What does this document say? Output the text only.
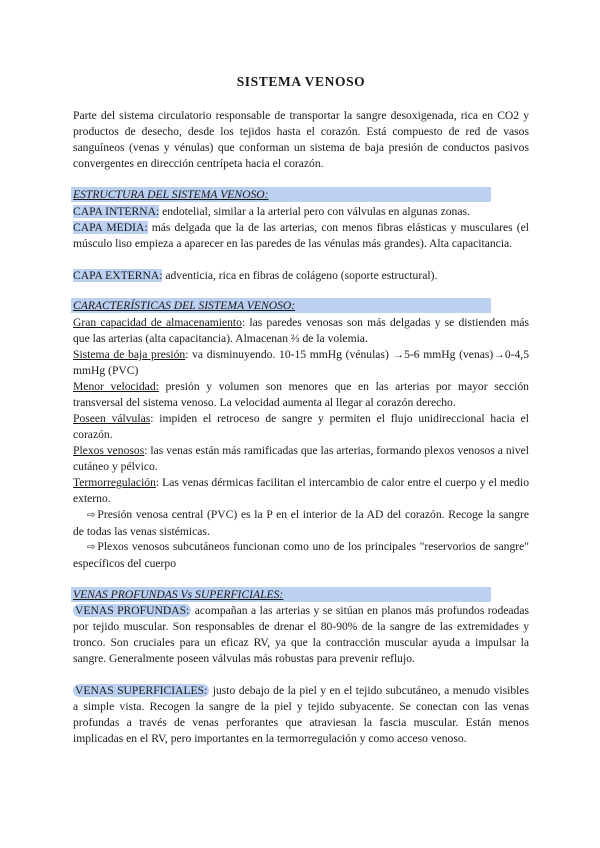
SISTEMA VENOSO

Parte del sistema circulatorio responsable de transportar la sangre desoxigenada, rica en CO2 y productos de desecho, desde los tejidos hasta el corazón. Está compuesto de red de vasos sanguíneos (venas y vénulas) que conforman un sistema de baja presión de conductos pasivos convergentes en dirección centrípeta hacia el corazón.

ESTRUCTURA DEL SISTEMA VENOSO:

CAPA INTERNA: endotelial, similar a la arterial pero con válvulas en algunas zonas.

CAPA MEDIA: más delgada que la de las arterias, con menos fibras elásticas y musculares (el músculo liso empieza a aparecer en las paredes de las vénulas más grandes). Alta capacitancia.

CAPA EXTERNA: adventicia, rica en fibras de colágeno (soporte estructural).

CARACTERÍSTICAS DEL SISTEMA VENOSO:

Gran capacidad de almacenamiento: las paredes venosas son más delgadas y se distienden más que las arterias (alta capacitancia). Almacenan ⅔ de la volemia.

Sistema de baja presión: va disminuyendo. 10-15 mmHg (vénulas) →5-6 mmHg (venas)→0-4,5 mmHg (PVC)

Menor velocidad: presión y volumen son menores que en las arterias por mayor sección transversal del sistema venoso. La velocidad aumenta al llegar al corazón derecho.

Poseen válvulas: impiden el retroceso de sangre y permiten el flujo unidireccional hacia el corazón.

Plexos venosos: las venas están más ramificadas que las arterias, formando plexos venosos a nivel cutáneo y pélvico.

Termorregulación: Las venas dérmicas facilitan el intercambio de calor entre el cuerpo y el medio externo.

⇨ Presión venosa central (PVC) es la P en el interior de la AD del corazón. Recoge la sangre de todas las venas sistémicas.

⇨ Plexos venosos subcutáneos funcionan como uno de los principales "reservorios de sangre" específicos del cuerpo

VENAS PROFUNDAS Vs SUPERFICIALES:

VENAS PROFUNDAS: acompañan a las arterias y se sitúan en planos más profundos rodeadas por tejido muscular. Son responsables de drenar el 80-90% de la sangre de las extremidades y tronco. Son cruciales para un eficaz RV, ya que la contracción muscular ayuda a impulsar la sangre. Generalmente poseen válvulas más robustas para prevenir reflujo.

VENAS SUPERFICIALES: justo debajo de la piel y en el tejido subcutáneo, a menudo visibles a simple vista. Recogen la sangre de la piel y tejido subyacente. Se conectan con las venas profundas a través de venas perforantes que atraviesan la fascia muscular. Están menos implicadas en el RV, pero importantes en la termorregulación y como acceso venoso.
